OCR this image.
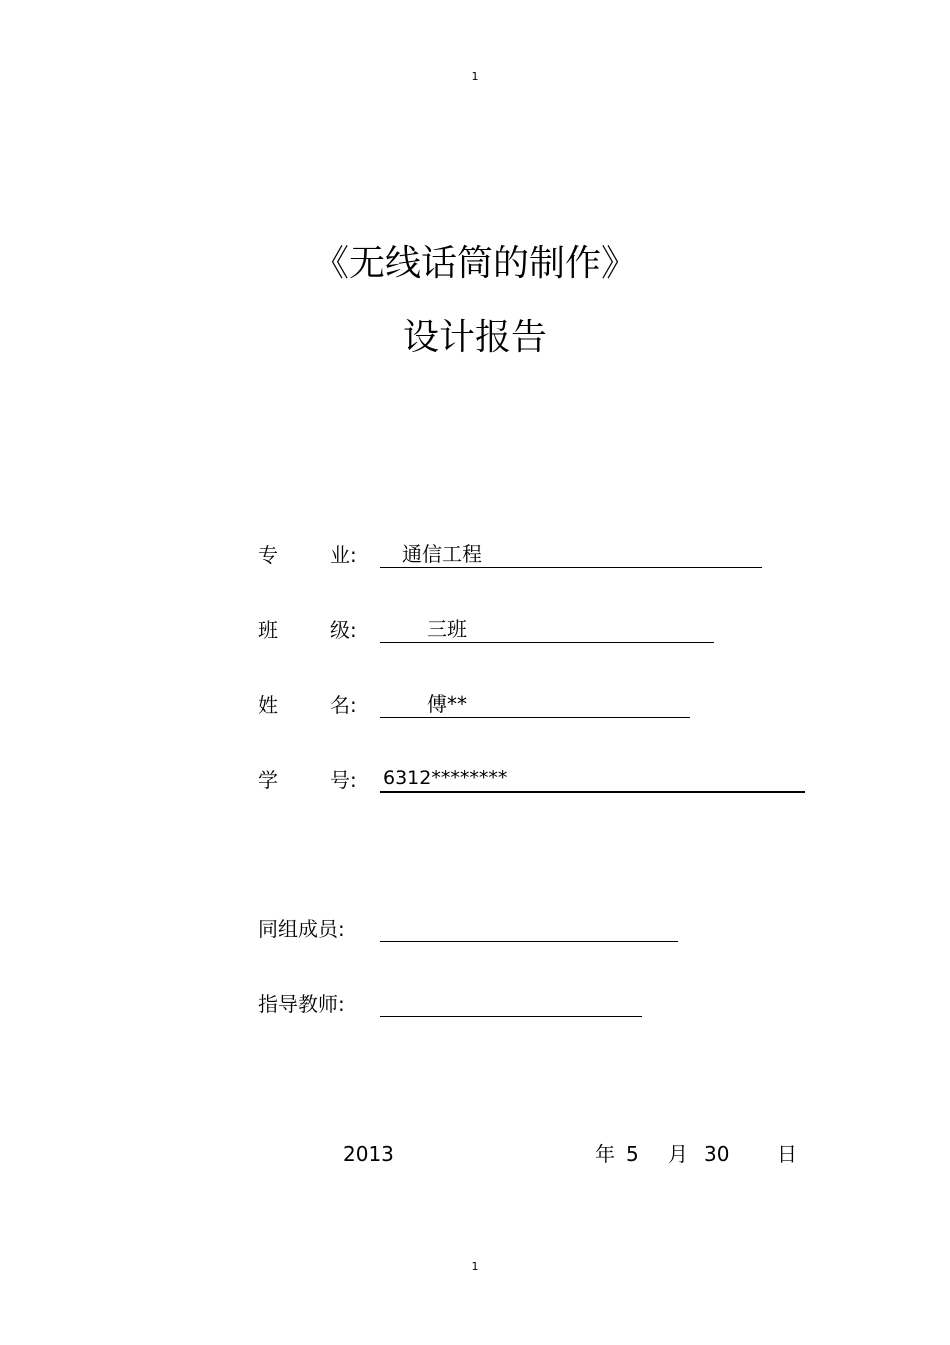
1
《无线话筒的制作》
设计报告
专	业: 通信工程
班	级:	三班
姓	名:	傅**
学	号: 6312********
同组成员:
指导教师:
2013	年 5 月 30 日
1
